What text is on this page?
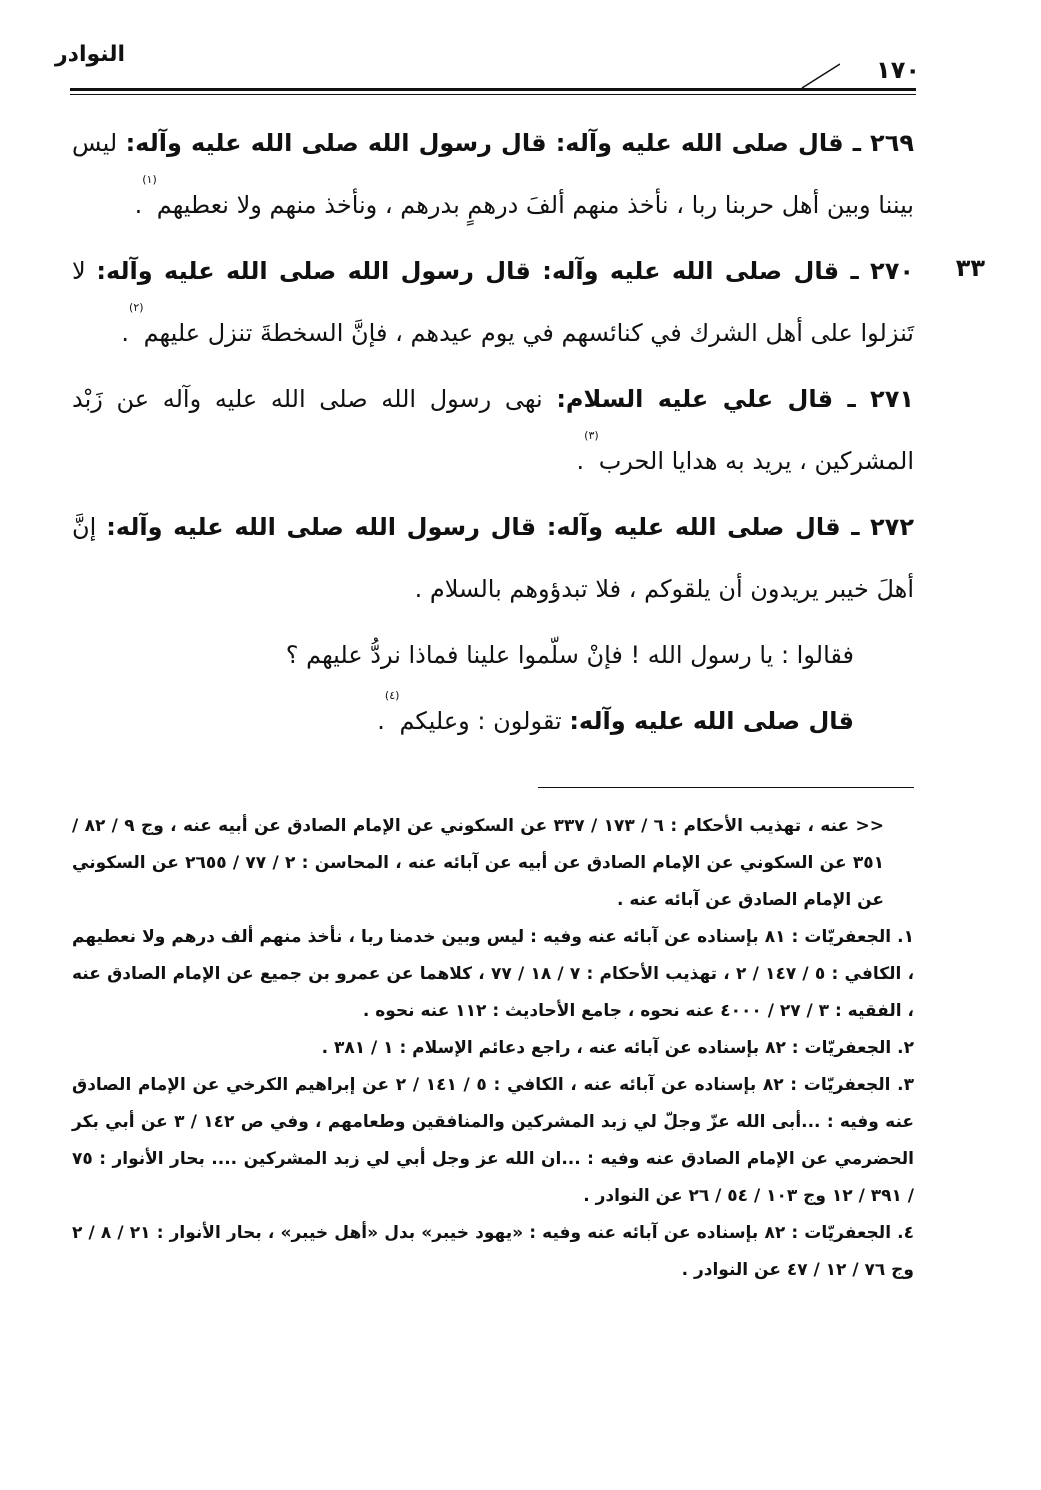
النوادر
١٧٠
٣٣

٢٦٩ ـ قال صلى الله عليه وآله: قال رسول الله صلى الله عليه وآله: ليس بيننا وبين أهل حربنا ربا ، نأخذ منهم ألفَ درهمٍ بدرهم ، ونأخذ منهم ولا نعطيهم$^{(١)}$.

٢٧٠ ـ قال صلى الله عليه وآله: قال رسول الله صلى الله عليه وآله: لا تَنزلوا على أهل الشرك في كنائسهم في يوم عيدهم ، فإنَّ السخطةَ تنزل عليهم$^{(٢)}$.

٢٧١ ـ قال علي عليه السلام: نهى رسول الله صلى الله عليه وآله عن زَبْد المشركين ، يريد به هدايا الحرب$^{(٣)}$.

٢٧٢ ـ قال صلى الله عليه وآله: قال رسول الله صلى الله عليه وآله: إنَّ أهلَ خيبر يريدون أن يلقوكم ، فلا تبدؤوهم بالسلام .

فقالوا : يا رسول الله ! فإنْ سلّموا علينا فماذا نردُّ عليهم ؟

قال صلى الله عليه وآله: تقولون : وعليكم$^{(٤)}$.

<< عنه ، تهذيب الأحكام : ٦ / ١٧٣ / ٣٣٧ عن السكوني عن الإمام الصادق عن أبيه عنه ، وج ٩ / ٨٢ / ٣٥١ عن السكوني عن الإمام الصادق عن أبيه عن آبائه عنه ، المحاسن : ٢ / ٧٧ / ٢٦٥٥ عن السكوني عن الإمام الصادق عن آبائه عنه .

١. الجعفريّات : ٨١ بإسناده عن آبائه عنه وفيه : ليس وبين خدمنا ربا ، نأخذ منهم ألف درهم ولا نعطيهم ، الكافي : ٥ / ١٤٧ / ٢ ، تهذيب الأحكام : ٧ / ١٨ / ٧٧ ، كلاهما عن عمرو بن جميع عن الإمام الصادق عنه ، الفقيه : ٣ / ٢٧ / ٤٠٠٠ عنه نحوه ، جامع الأحاديث : ١١٢ عنه نحوه .

٢. الجعفريّات : ٨٢ بإسناده عن آبائه عنه ، راجع دعائم الإسلام : ١ / ٣٨١ .

٣. الجعفريّات : ٨٢ بإسناده عن آبائه عنه ، الكافي : ٥ / ١٤١ / ٢ عن إبراهيم الكرخي عن الإمام الصادق عنه وفيه : ...أبى الله عزّ وجلّ لي زبد المشركين والمنافقين وطعامهم ، وفي ص ١٤٢ / ٣ عن أبي بكر الحضرمي عن الإمام الصادق عنه وفيه : ...ان الله عز وجل أبي لي زبد المشركين .... بحار الأنوار : ٧٥ / ٣٩١ / ١٢ وج ١٠٣ / ٥٤ / ٢٦ عن النوادر .

٤. الجعفريّات : ٨٢ بإسناده عن آبائه عنه وفيه : «يهود خيبر» بدل «أهل خيبر» ، بحار الأنوار : ٢١ / ٨ / ٢ وج ٧٦ / ١٢ / ٤٧ عن النوادر .
